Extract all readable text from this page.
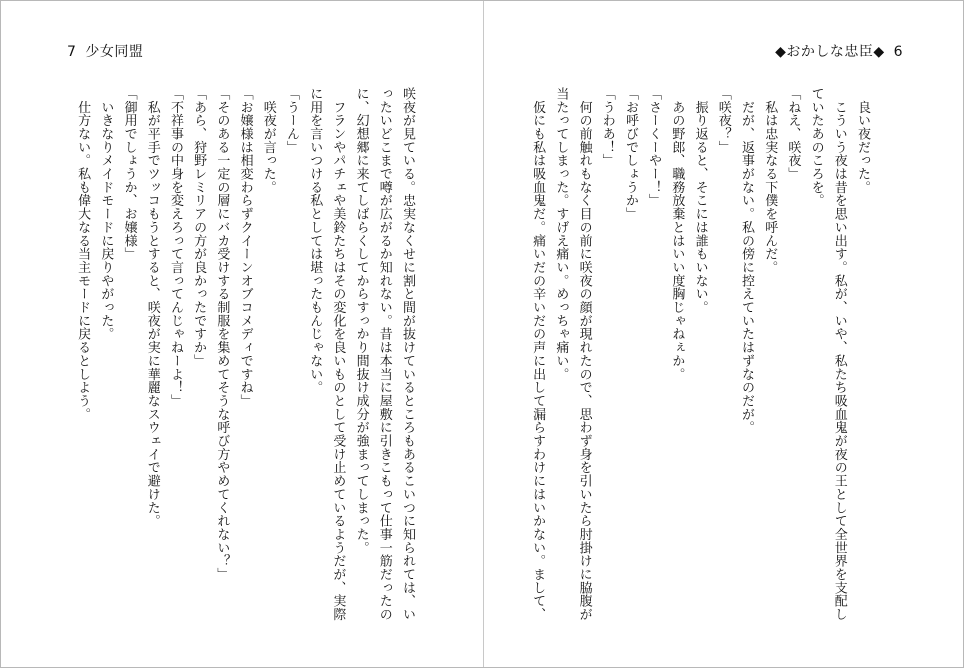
7 少女同盟
咲夜が見ている。忠実なくせに割と間が抜けているところもあるこいつに知られては、い
ったいどこまで噂が広がるか知れない。昔は本当に屋敷に引きこもって仕事一筋だったの
に、幻想郷に来てしばらくしてからすっかり間抜け成分が強まってしまった。
　フランやパチェや美鈴たちはその変化を良いものとして受け止めているようだが、実際
に用を言いつける私としては堪ったもんじゃない。
「うーん」
　咲夜が言った。
「お嬢様は相変わらずクイーンオブコメディですね」
「そのある一定の層にバカ受けする制服を集めてそうな呼び方やめてくれない？」
「あら、狩野レミリアの方が良かったですか」
「不祥事の中身を変えろって言ってんじゃねーよ！」
　私が平手でツッコもうとすると、咲夜が実に華麗なスウェイで避けた。
「御用でしょうか、お嬢様」
　いきなりメイドモードに戻りやがった。
　仕方ない。私も偉大なる当主モードに戻るとしよう。
◆おかしな忠臣◆ 6
　良い夜だった。
　こういう夜は昔を思い出す。私が、いや、私たち吸血鬼が夜の王として全世界を支配し
ていたあのころを。
「ねえ、咲夜」
　私は忠実なる下僕を呼んだ。
　だが、返事がない。私の傍に控えていたはずなのだが。
「咲夜？」
　振り返ると、そこには誰もいない。
　あの野郎、職務放棄とはいい度胸じゃねぇか。
「さーくーやー！」
「お呼びでしょうか」
「うわあ！」
　何の前触れもなく目の前に咲夜の顔が現れたので、思わず身を引いたら肘掛けに脇腹が
当たってしまった。すげえ痛い。めっちゃ痛い。
　仮にも私は吸血鬼だ。痛いだの辛いだの声に出して漏らすわけにはいかない。まして、
